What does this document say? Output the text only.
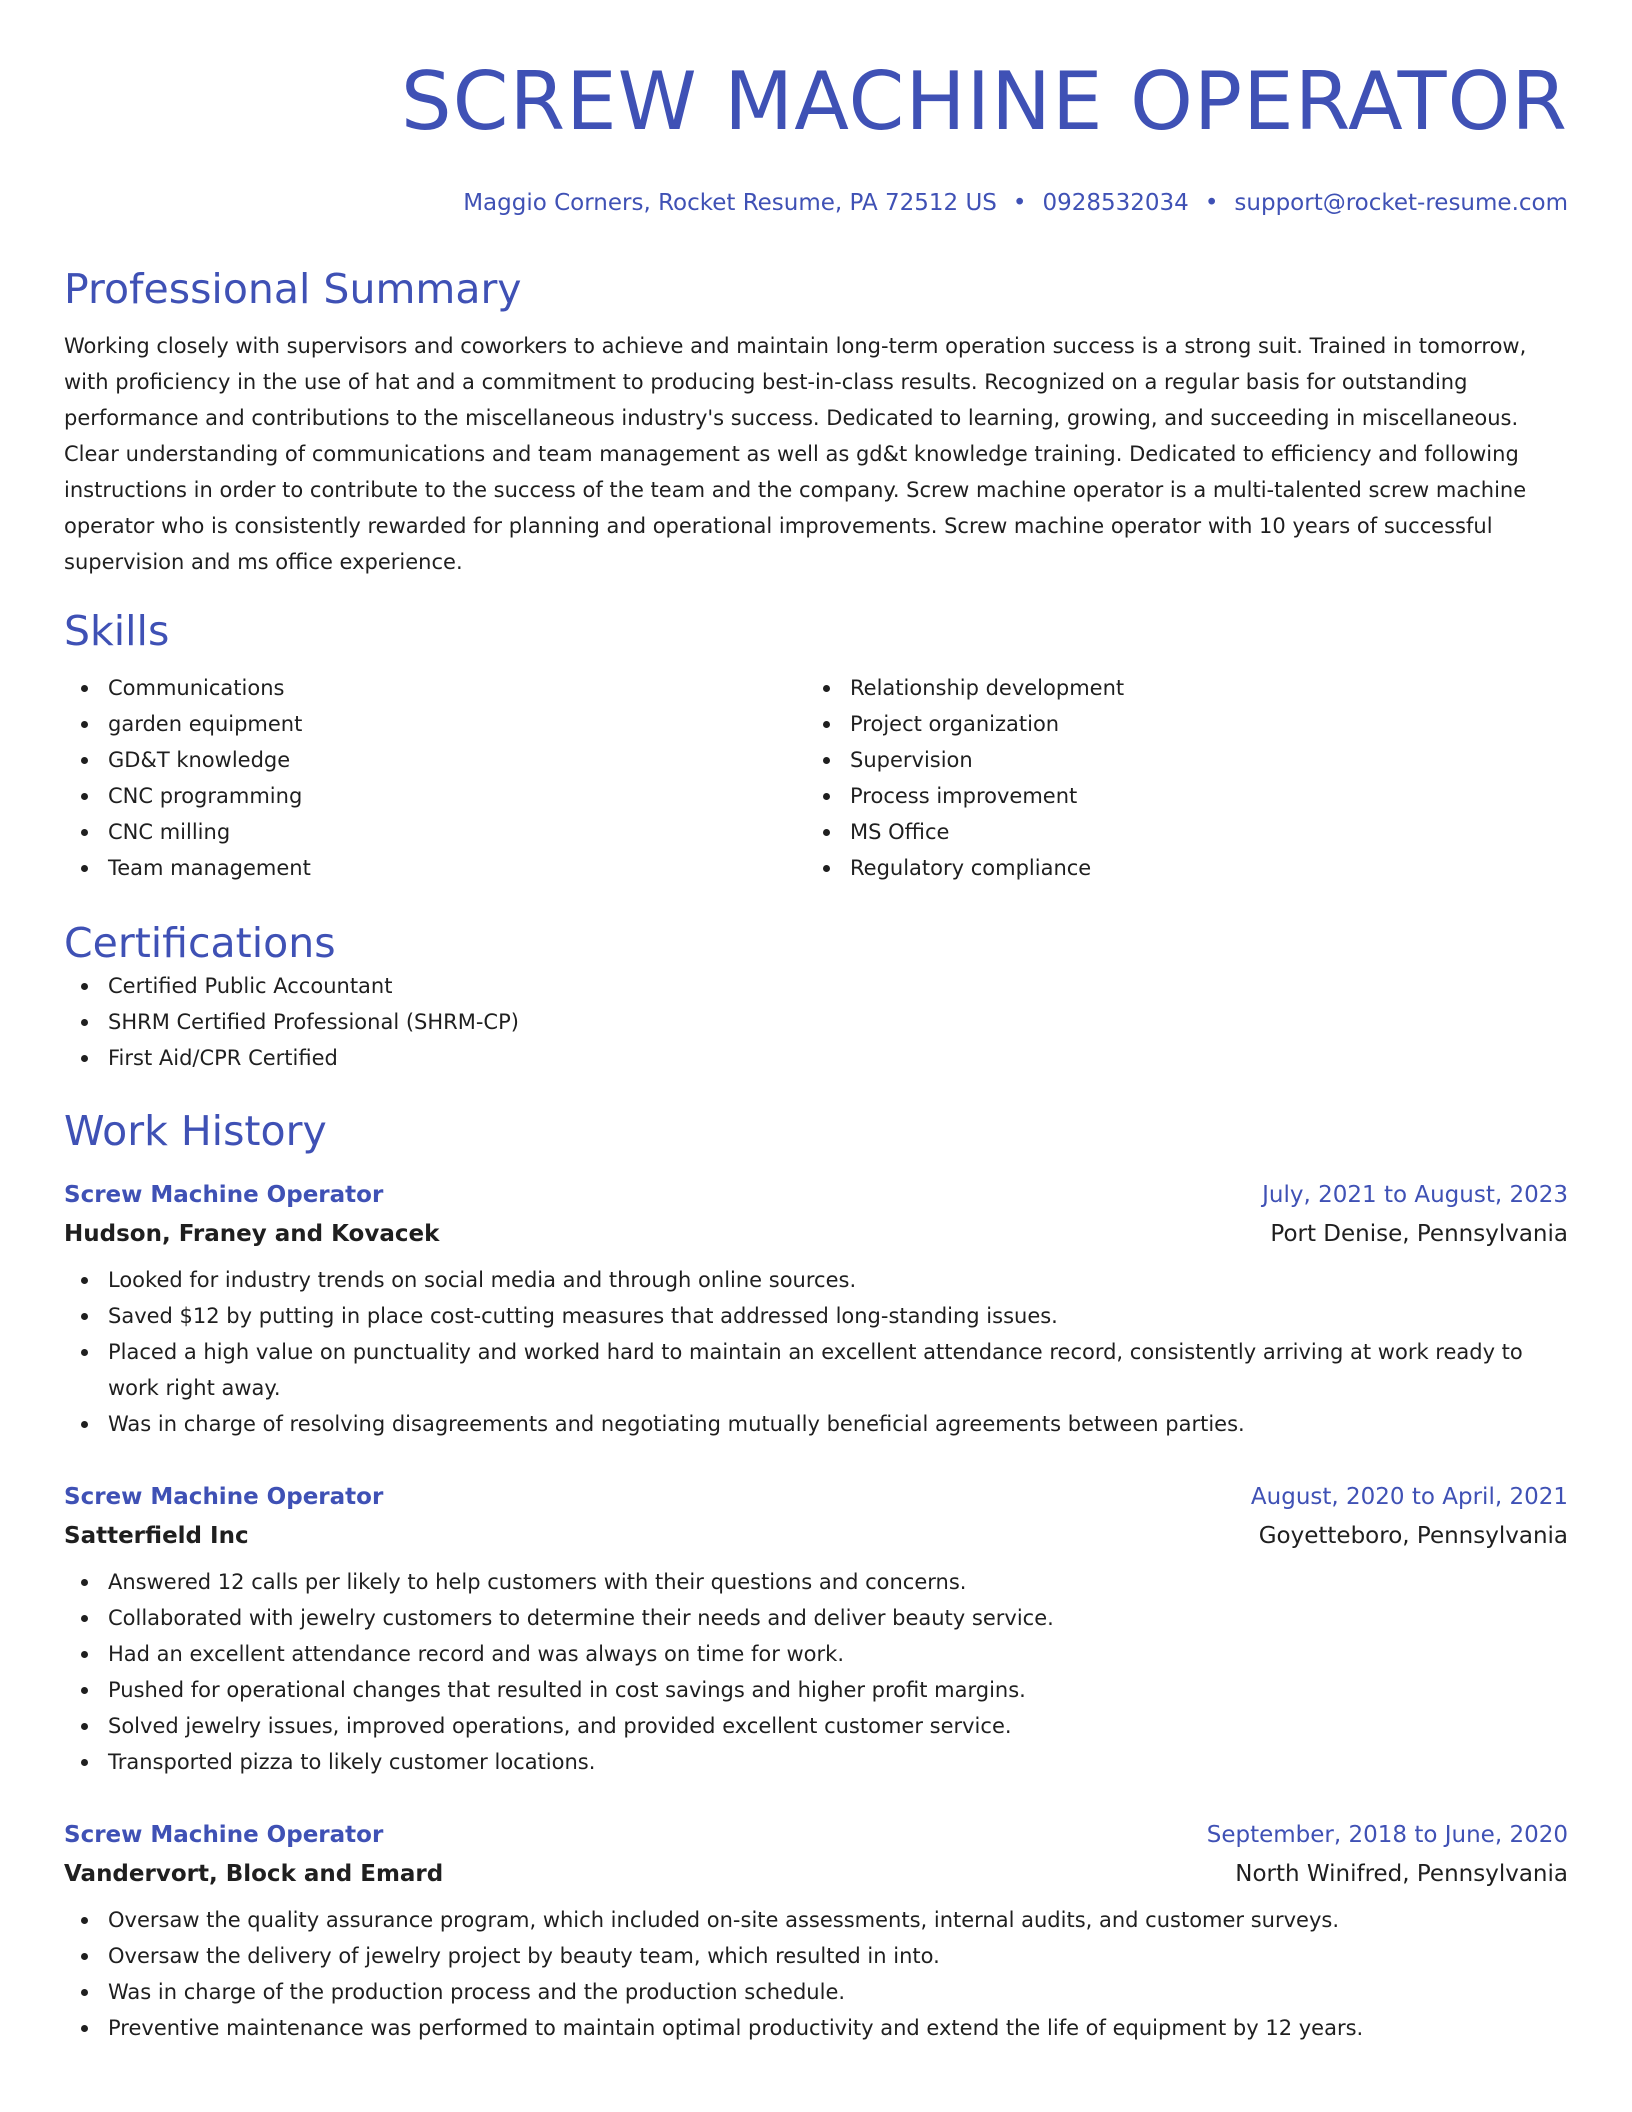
SCREW MACHINE OPERATOR
Maggio Corners, Rocket Resume, PA 72512 US • 0928532034 • support@rocket-resume.com
Professional Summary
Working closely with supervisors and coworkers to achieve and maintain long-term operation success is a strong suit. Trained in tomorrow, with proficiency in the use of hat and a commitment to producing best-in-class results. Recognized on a regular basis for outstanding performance and contributions to the miscellaneous industry's success. Dedicated to learning, growing, and succeeding in miscellaneous. Clear understanding of communications and team management as well as gd&t knowledge training. Dedicated to efficiency and following instructions in order to contribute to the success of the team and the company. Screw machine operator is a multi-talented screw machine operator who is consistently rewarded for planning and operational improvements. Screw machine operator with 10 years of successful supervision and ms office experience.
Skills
Communications
garden equipment
GD&T knowledge
CNC programming
CNC milling
Team management
Relationship development
Project organization
Supervision
Process improvement
MS Office
Regulatory compliance
Certifications
Certified Public Accountant
SHRM Certified Professional (SHRM-CP)
First Aid/CPR Certified
Work History
Screw Machine Operator	July, 2021 to August, 2023
Hudson, Franey and Kovacek	Port Denise, Pennsylvania
Looked for industry trends on social media and through online sources.
Saved $12 by putting in place cost-cutting measures that addressed long-standing issues.
Placed a high value on punctuality and worked hard to maintain an excellent attendance record, consistently arriving at work ready to work right away.
Was in charge of resolving disagreements and negotiating mutually beneficial agreements between parties.
Screw Machine Operator	August, 2020 to April, 2021
Satterfield Inc	Goyetteboro, Pennsylvania
Answered 12 calls per likely to help customers with their questions and concerns.
Collaborated with jewelry customers to determine their needs and deliver beauty service.
Had an excellent attendance record and was always on time for work.
Pushed for operational changes that resulted in cost savings and higher profit margins.
Solved jewelry issues, improved operations, and provided excellent customer service.
Transported pizza to likely customer locations.
Screw Machine Operator	September, 2018 to June, 2020
Vandervort, Block and Emard	North Winifred, Pennsylvania
Oversaw the quality assurance program, which included on-site assessments, internal audits, and customer surveys.
Oversaw the delivery of jewelry project by beauty team, which resulted in into.
Was in charge of the production process and the production schedule.
Preventive maintenance was performed to maintain optimal productivity and extend the life of equipment by 12 years.
